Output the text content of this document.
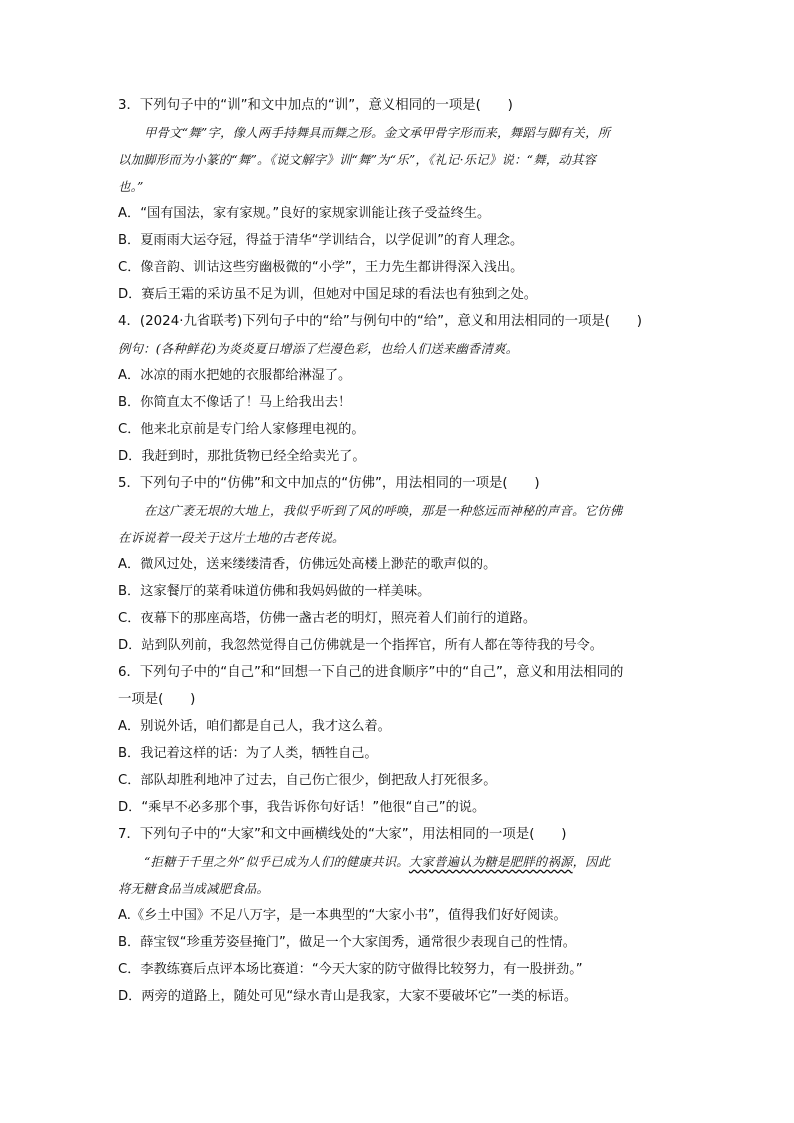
3．下列句子中的“训”和文中加点的“训”，意义相同的一项是(　　)
甲骨文“舞”字，像人两手持舞具而舞之形。金文承甲骨字形而来，舞蹈与脚有关，所
以加脚形而为小篆的“舞”。《说文解字》训“舞”为“乐”，《礼记·乐记》说：“舞，动其容
也。”
A．“国有国法，家有家规。”良好的家规家训能让孩子受益终生。
B．夏雨雨大运夺冠，得益于清华“学训结合，以学促训”的育人理念。
C．像音韵、训诂这些穷幽极微的“小学”，王力先生都讲得深入浅出。
D．赛后王霜的采访虽不足为训，但她对中国足球的看法也有独到之处。
4．(2024·九省联考)下列句子中的“给”与例句中的“给”，意义和用法相同的一项是(　　)
例句：(各种鲜花)为炎炎夏日增添了烂漫色彩，也给人们送来幽香清爽。
A．冰凉的雨水把她的衣服都给淋湿了。
B．你简直太不像话了！马上给我出去！
C．他来北京前是专门给人家修理电视的。
D．我赶到时，那批货物已经全给卖光了。
5．下列句子中的“仿佛”和文中加点的“仿佛”，用法相同的一项是(　　)
在这广袤无垠的大地上，我似乎听到了风的呼唤，那是一种悠远而神秘的声音。它仿佛
在诉说着一段关于这片土地的古老传说。
A．微风过处，送来缕缕清香，仿佛远处高楼上渺茫的歌声似的。
B．这家餐厅的菜肴味道仿佛和我妈妈做的一样美味。
C．夜幕下的那座高塔，仿佛一盏古老的明灯，照亮着人们前行的道路。
D．站到队列前，我忽然觉得自己仿佛就是一个指挥官，所有人都在等待我的号令。
6．下列句子中的“自己”和“回想一下自己的进食顺序”中的“自己”，意义和用法相同的
一项是(　　)
A．别说外话，咱们都是自己人，我才这么着。
B．我记着这样的话：为了人类，牺牲自己。
C．部队却胜利地冲了过去，自己伤亡很少，倒把敌人打死很多。
D．“乘早不必多那个事，我告诉你句好话！”他很“自己”的说。
7．下列句子中的“大家”和文中画横线处的“大家”，用法相同的一项是(　　)
“拒糖于千里之外”似乎已成为人们的健康共识。大家普遍认为糖是肥胖的祸源，因此
将无糖食品当成减肥食品。
A.《乡土中国》不足八万字，是一本典型的“大家小书”，值得我们好好阅读。
B．薛宝钗“珍重芳姿昼掩门”，做足一个大家闺秀，通常很少表现自己的性情。
C．李教练赛后点评本场比赛道：“今天大家的防守做得比较努力，有一股拼劲。”
D．两旁的道路上，随处可见“绿水青山是我家，大家不要破坏它”一类的标语。
